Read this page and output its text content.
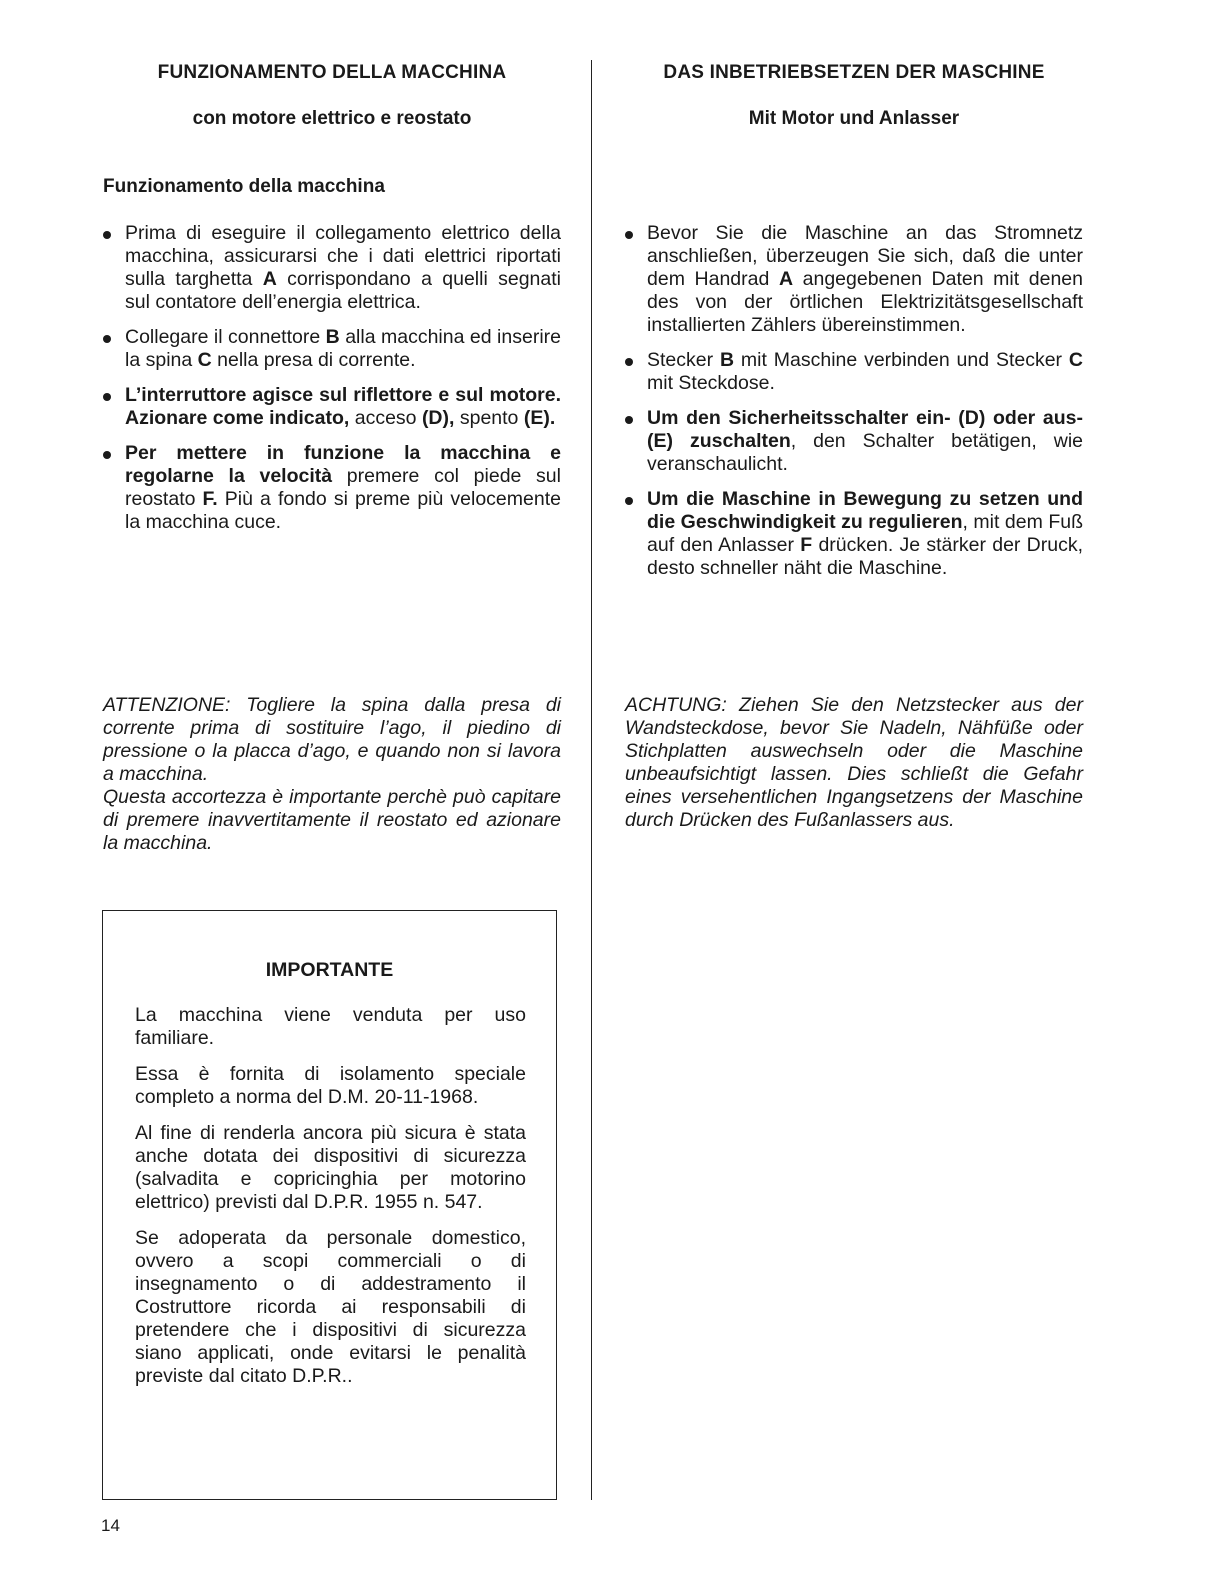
FUNZIONAMENTO DELLA MACCHINA
con motore elettrico e reostato
Funzionamento della macchina
Prima di eseguire il collegamento elettrico della macchina, assicurarsi che i dati elettrici riportati sulla targhetta A corrispondano a quelli segnati sul contatore dell’energia elettrica.
Collegare il connettore B alla macchina ed inserire la spina C nella presa di corrente.
L’interruttore agisce sul riflettore e sul motore. Azionare come indicato, acceso (D), spento (E).
Per mettere in funzione la macchina e regolarne la velocità premere col piede sul reostato F. Più a fondo si preme più velocemente la macchina cuce.

ATTENZIONE: Togliere la spina dalla presa di corrente prima di sostituire l’ago, il piedino di pressione o la placca d’ago, e quando non si lavora a macchina.

Questa accortezza è importante perchè può capitare di premere inavvertitamente il reostato ed azionare la macchina.

DAS INBETRIEBSETZEN DER MASCHINE
Mit Motor und Anlasser
Bevor Sie die Maschine an das Stromnetz anschließen, überzeugen Sie sich, daß die unter dem Handrad A angegebenen Daten mit denen des von der örtlichen Elektrizitätsgesellschaft installierten Zählers übereinstimmen.
Stecker B mit Maschine verbinden und Stecker C mit Steckdose.
Um den Sicherheitsschalter ein- (D) oder aus- (E) zuschalten, den Schalter betätigen, wie veranschaulicht.
Um die Maschine in Bewegung zu setzen und die Geschwindigkeit zu regulieren, mit dem Fuß auf den Anlasser F drücken. Je stärker der Druck, desto schneller näht die Maschine.

ACHTUNG: Ziehen Sie den Netzstecker aus der Wandsteckdose, bevor Sie Nadeln, Nähfüße oder Stichplatten auswechseln oder die Maschine unbeaufsichtigt lassen. Dies schließt die Gefahr eines versehentlichen Ingangsetzens der Maschine durch Drücken des Fußanlassers aus.

IMPORTANTE

La macchina viene venduta per uso familiare.

Essa è fornita di isolamento speciale completo a norma del D.M. 20-11-1968.

Al fine di renderla ancora più sicura è stata anche dotata dei dispositivi di sicurezza (salvadita e copricinghia per motorino elettrico) previsti dal D.P.R. 1955 n. 547.

Se adoperata da personale domestico, ovvero a scopi commerciali o di insegnamento o di addestramento il Costruttore ricorda ai responsabili di pretendere che i dispositivi di sicurezza siano applicati, onde evitarsi le penalità previste dal citato D.P.R..

14
